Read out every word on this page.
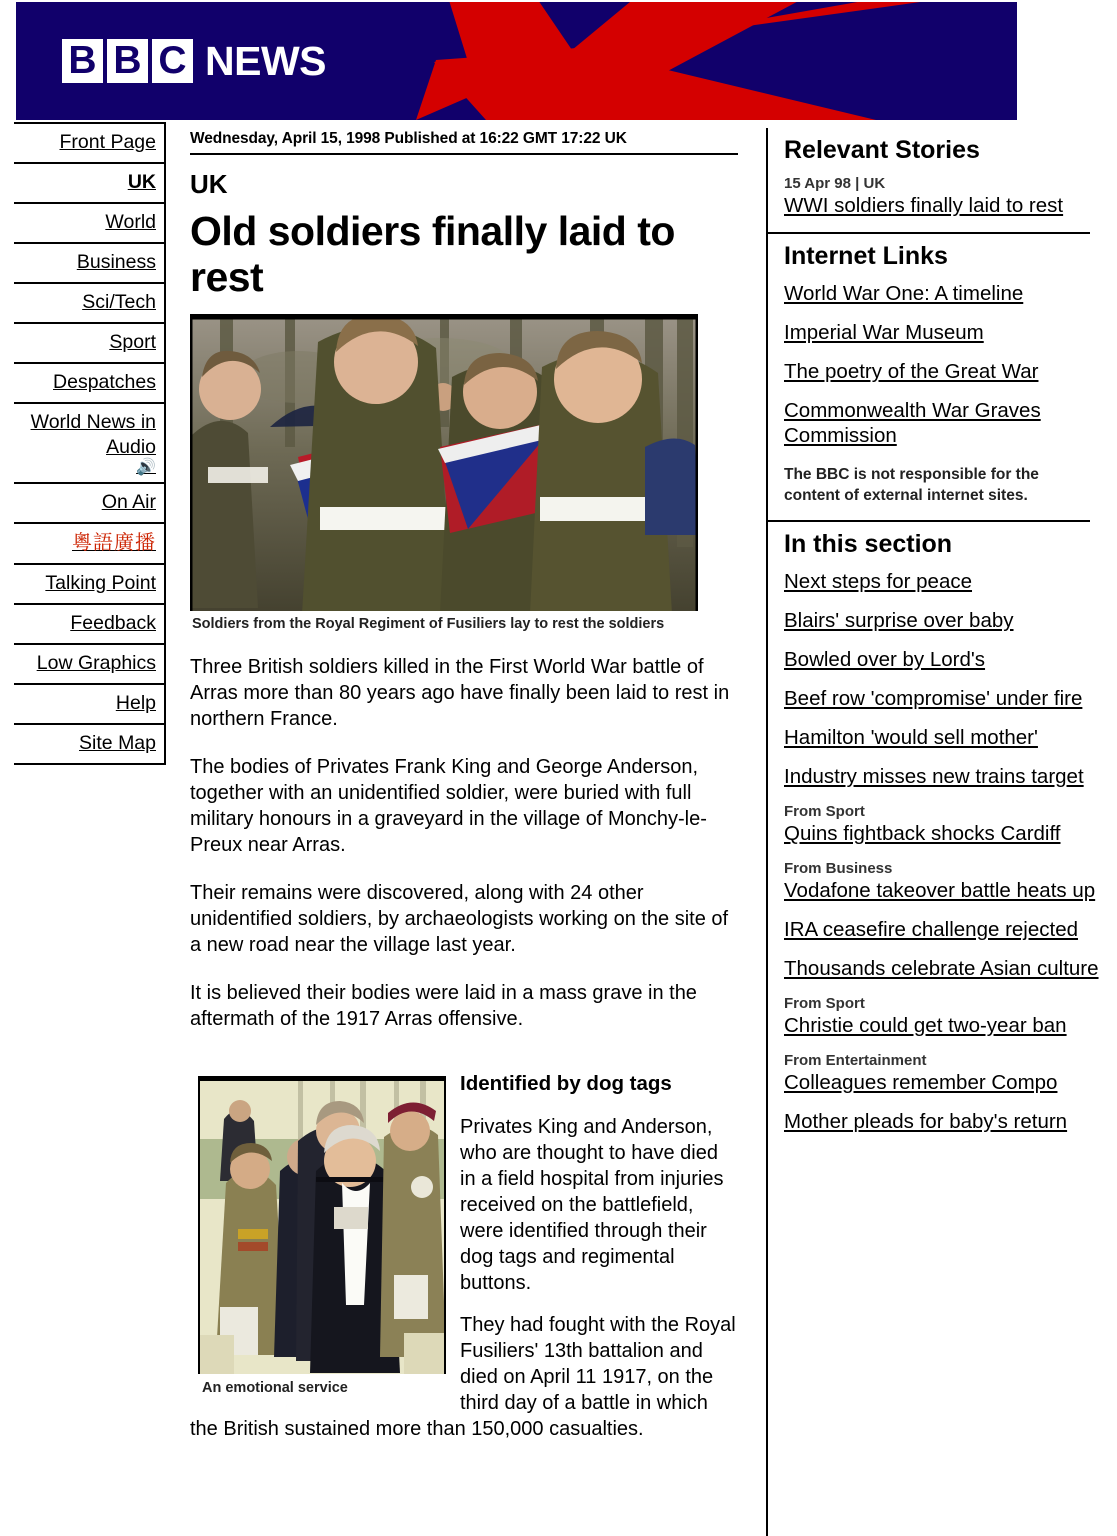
B B C NEWS
Front Page
UK
World
Business
Sci/Tech
Sport
Despatches
World News in Audio
🔊
On Air
粵語廣播
Talking Point
Feedback
Low Graphics
Help
Site Map
Wednesday, April 15, 1998 Published at 16:22 GMT 17:22 UK
UK
Old soldiers finally laid to rest
Soldiers from the Royal Regiment of Fusiliers lay to rest the soldiers

Three British soldiers killed in the First World War battle of Arras more than 80 years ago have finally been laid to rest in northern France.

The bodies of Privates Frank King and George Anderson, together with an unidentified soldier, were buried with full military honours in a graveyard in the village of Monchy-le-Preux near Arras.

Their remains were discovered, along with 24 other unidentified soldiers, by archaeologists working on the site of a new road near the village last year.

It is believed their bodies were laid in a mass grave in the aftermath of the 1917 Arras offensive.

Identified by dog tags

Privates King and Anderson, who are thought to have died in a field hospital from injuries received on the battlefield, were identified through their dog tags and regimental buttons.

An emotional service

They had fought with the Royal Fusiliers' 13th battalion and died on April 11 1917, on the third day of a battle in which the British sustained more than 150,000 casualties.

Relevant Stories
15 Apr 98 | UK
WWI soldiers finally laid to rest
Internet Links
World War One: A timeline
Imperial War Museum
The poetry of the Great War
Commonwealth War Graves Commission
The BBC is not responsible for the content of external internet sites.
In this section
Next steps for peace
Blairs' surprise over baby
Bowled over by Lord's
Beef row 'compromise' under fire
Hamilton 'would sell mother'
Industry misses new trains target
From Sport
Quins fightback shocks Cardiff
From Business
Vodafone takeover battle heats up
IRA ceasefire challenge rejected
Thousands celebrate Asian culture
From Sport
Christie could get two-year ban
From Entertainment
Colleagues remember Compo
Mother pleads for baby's return
